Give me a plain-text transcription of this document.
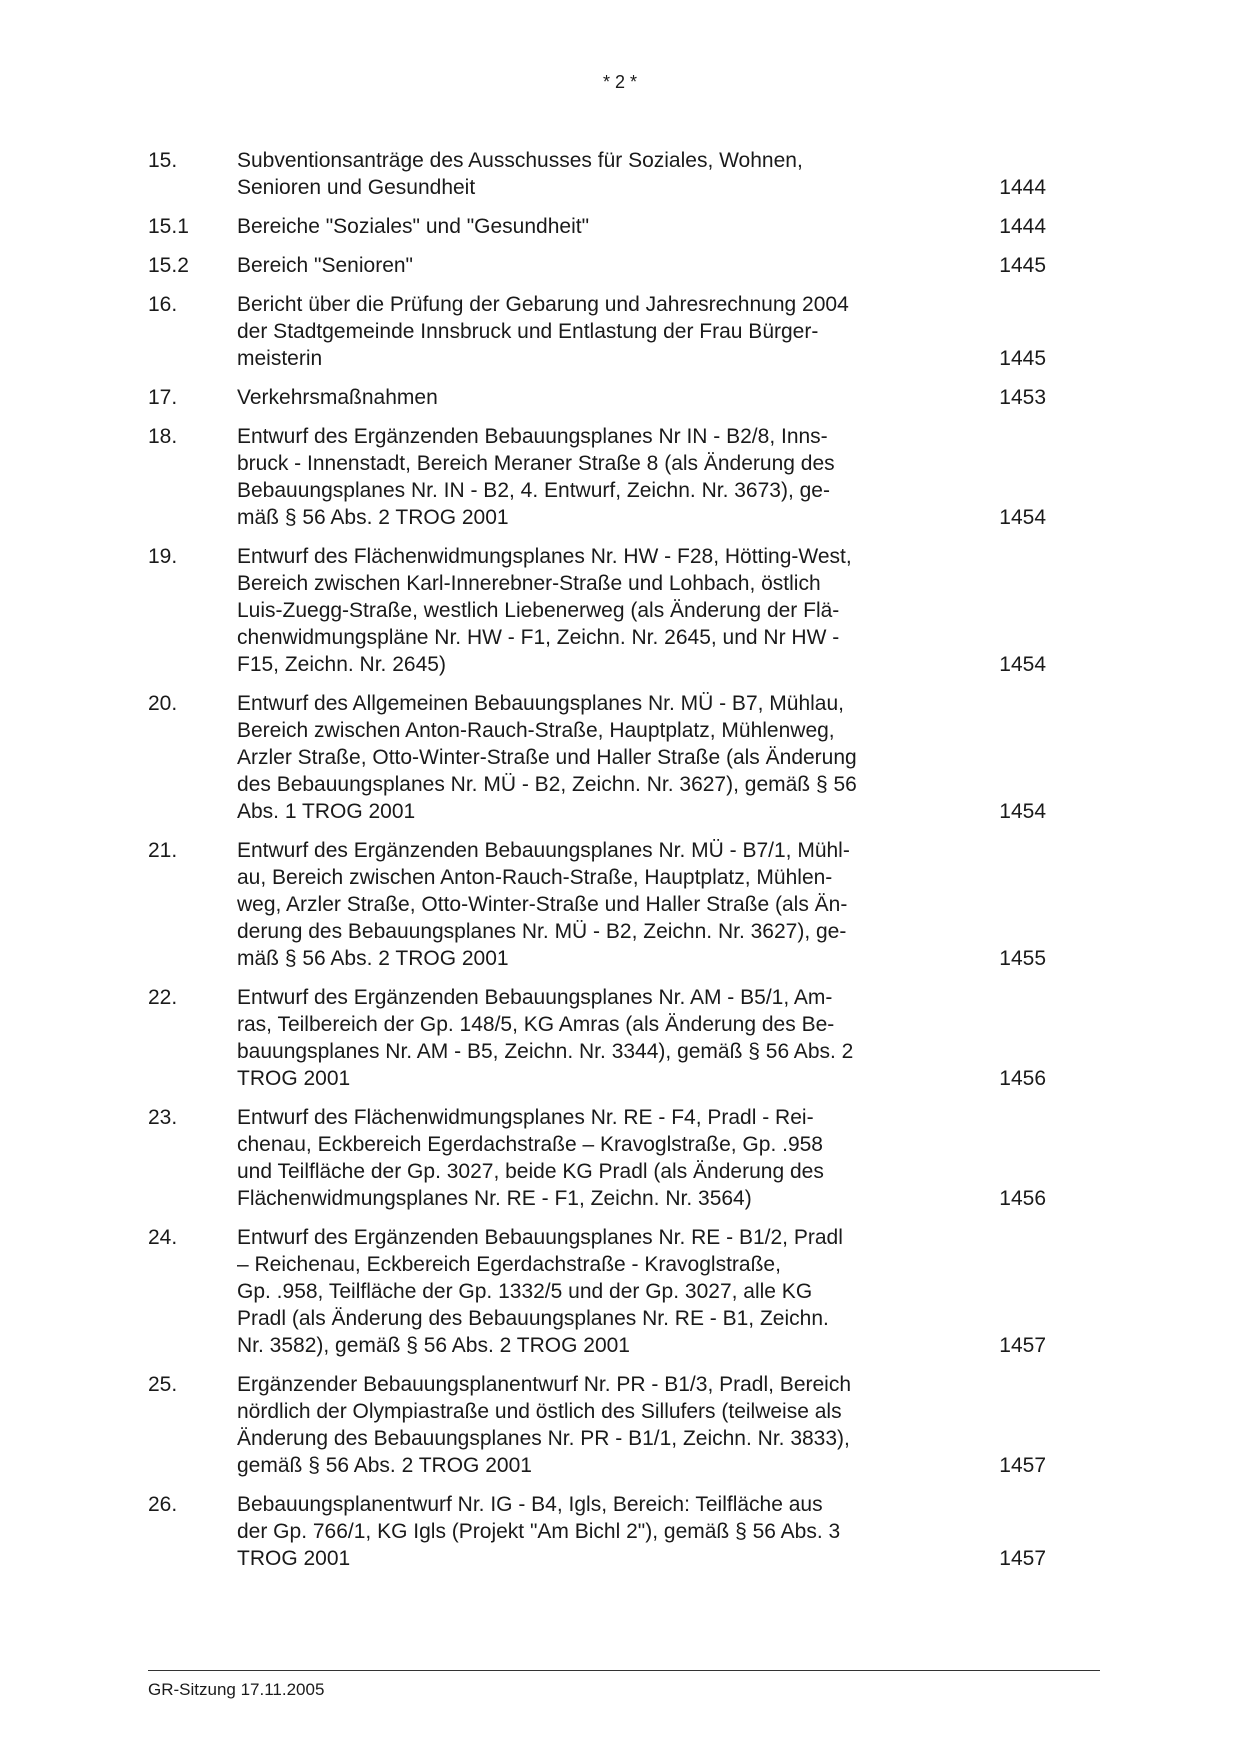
* 2 *
15.	Subventionsanträge des Ausschusses für Soziales, Wohnen,
Senioren und Gesundheit	1444
15.1	Bereiche "Soziales" und "Gesundheit"	1444
15.2	Bereich "Senioren"	1445
16.	Bericht über die Prüfung der Gebarung und Jahresrechnung 2004
der Stadtgemeinde Innsbruck und Entlastung der Frau Bürger-
meisterin	1445
17.	Verkehrsmaßnahmen	1453
18.	Entwurf des Ergänzenden Bebauungsplanes Nr IN - B2/8, Inns-
bruck - Innenstadt, Bereich Meraner Straße 8 (als Änderung des
Bebauungsplanes Nr. IN - B2, 4. Entwurf, Zeichn. Nr. 3673), ge-
mäß § 56 Abs. 2 TROG 2001	1454
19.	Entwurf des Flächenwidmungsplanes Nr. HW - F28, Hötting-West,
Bereich zwischen Karl-Innerebner-Straße und Lohbach, östlich
Luis-Zuegg-Straße, westlich Liebenerweg (als Änderung der Flä-
chenwidmungspläne Nr. HW - F1, Zeichn. Nr. 2645, und Nr HW -
F15, Zeichn. Nr. 2645)	1454
20.	Entwurf des Allgemeinen Bebauungsplanes Nr. MÜ - B7, Mühlau,
Bereich zwischen Anton-Rauch-Straße, Hauptplatz, Mühlenweg,
Arzler Straße, Otto-Winter-Straße und Haller Straße (als Änderung
des Bebauungsplanes Nr. MÜ - B2, Zeichn. Nr. 3627), gemäß § 56
Abs. 1 TROG 2001	1454
21.	Entwurf des Ergänzenden Bebauungsplanes Nr. MÜ - B7/1, Mühl-
au, Bereich zwischen Anton-Rauch-Straße, Hauptplatz, Mühlen-
weg, Arzler Straße, Otto-Winter-Straße und Haller Straße (als Än-
derung des Bebauungsplanes Nr. MÜ - B2, Zeichn. Nr. 3627), ge-
mäß § 56 Abs. 2 TROG 2001	1455
22.	Entwurf des Ergänzenden Bebauungsplanes Nr. AM - B5/1, Am-
ras, Teilbereich der Gp. 148/5, KG Amras (als Änderung des Be-
bauungsplanes Nr. AM - B5, Zeichn. Nr. 3344), gemäß § 56 Abs. 2
TROG 2001	1456
23.	Entwurf des Flächenwidmungsplanes Nr. RE - F4, Pradl - Rei-
chenau, Eckbereich Egerdachstraße – Kravoglstraße, Gp. .958
und Teilfläche der Gp. 3027, beide KG Pradl (als Änderung des
Flächenwidmungsplanes Nr. RE - F1, Zeichn. Nr. 3564)	1456
24.	Entwurf des Ergänzenden Bebauungsplanes Nr. RE - B1/2, Pradl
– Reichenau, Eckbereich Egerdachstraße - Kravoglstraße,
Gp. .958, Teilfläche der Gp. 1332/5 und der Gp. 3027, alle KG
Pradl (als Änderung des Bebauungsplanes Nr. RE - B1, Zeichn.
Nr. 3582), gemäß § 56 Abs. 2 TROG 2001	1457
25.	Ergänzender Bebauungsplanentwurf Nr. PR - B1/3, Pradl, Bereich
nördlich der Olympiastraße und östlich des Sillufers (teilweise als
Änderung des Bebauungsplanes Nr. PR - B1/1, Zeichn. Nr. 3833),
gemäß § 56 Abs. 2 TROG 2001	1457
26.	Bebauungsplanentwurf Nr. IG - B4, Igls, Bereich: Teilfläche aus
der Gp. 766/1, KG Igls (Projekt "Am Bichl 2"), gemäß § 56 Abs. 3
TROG 2001	1457
GR-Sitzung 17.11.2005
